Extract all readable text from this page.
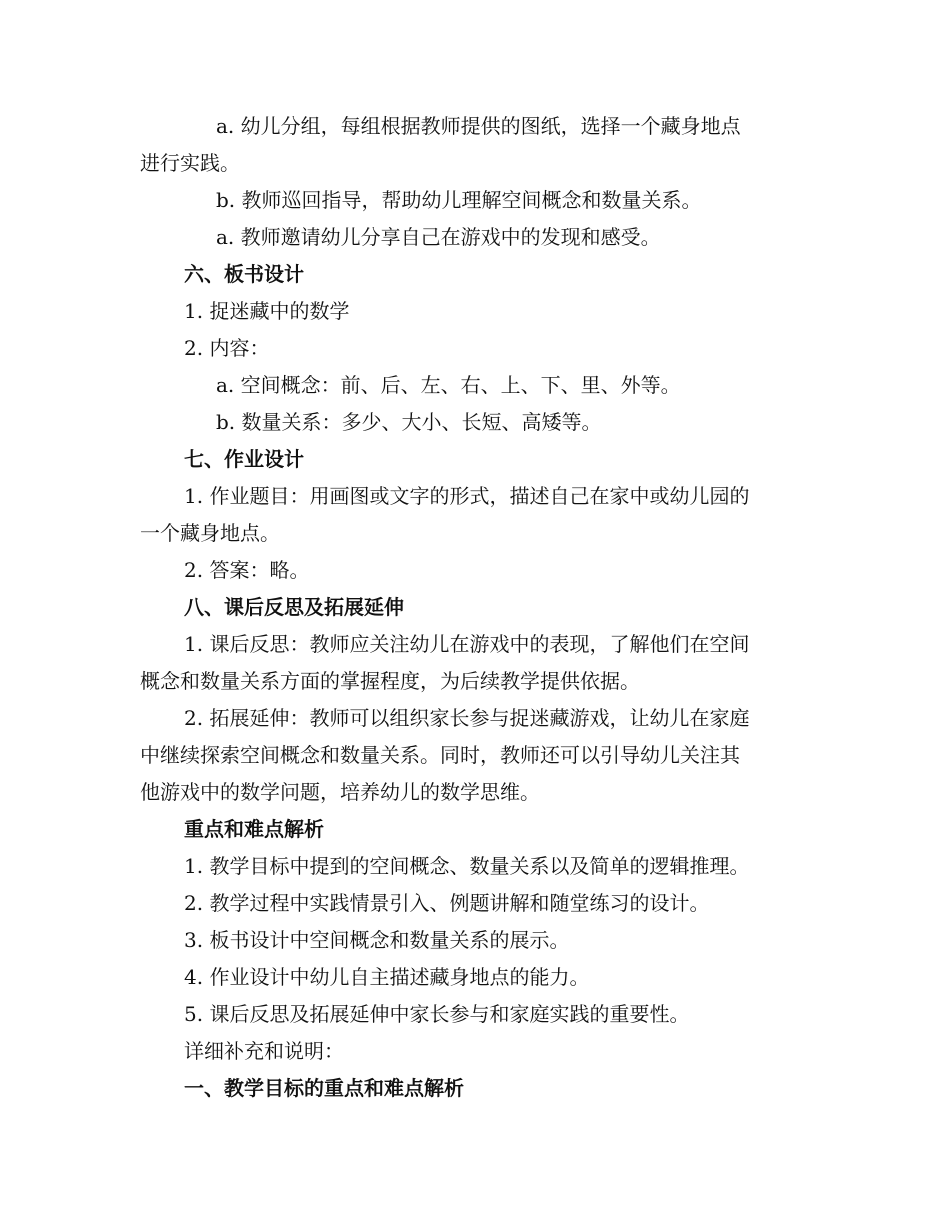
a. 幼儿分组，每组根据教师提供的图纸，选择一个藏身地点
进行实践。
b. 教师巡回指导，帮助幼儿理解空间概念和数量关系。
a. 教师邀请幼儿分享自己在游戏中的发现和感受。
六、板书设计
1. 捉迷藏中的数学
2. 内容：
a. 空间概念：前、后、左、右、上、下、里、外等。
b. 数量关系：多少、大小、长短、高矮等。
七、作业设计
1. 作业题目：用画图或文字的形式，描述自己在家中或幼儿园的
一个藏身地点。
2. 答案：略。
八、课后反思及拓展延伸
1. 课后反思：教师应关注幼儿在游戏中的表现，了解他们在空间
概念和数量关系方面的掌握程度，为后续教学提供依据。
2. 拓展延伸：教师可以组织家长参与捉迷藏游戏，让幼儿在家庭
中继续探索空间概念和数量关系。同时，教师还可以引导幼儿关注其
他游戏中的数学问题，培养幼儿的数学思维。
重点和难点解析
1. 教学目标中提到的空间概念、数量关系以及简单的逻辑推理。
2. 教学过程中实践情景引入、例题讲解和随堂练习的设计。
3. 板书设计中空间概念和数量关系的展示。
4. 作业设计中幼儿自主描述藏身地点的能力。
5. 课后反思及拓展延伸中家长参与和家庭实践的重要性。
详细补充和说明：
一、教学目标的重点和难点解析
